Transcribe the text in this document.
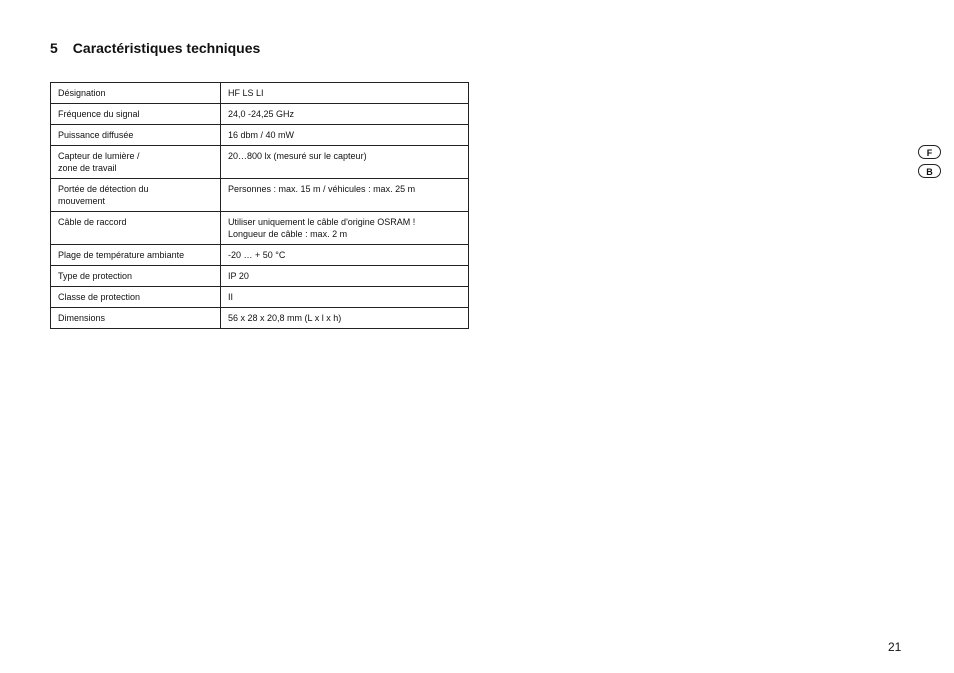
5 Caractéristiques techniques
Désignation	HF LS LI
Fréquence du signal	24,0 -24,25 GHz
Puissance diffusée	16 dbm / 40 mW
Capteur de lumière /
zone de travail	20…800 lx (mesuré sur le capteur)
Portée de détection du
mouvement	Personnes : max. 15 m / véhicules : max. 25 m
Câble de raccord	Utiliser uniquement le câble d'origine OSRAM !
Longueur de câble : max. 2 m
Plage de température ambiante	-20 … + 50 °C
Type de protection	IP 20
Classe de protection	II
Dimensions	56 x 28 x 20,8 mm (L x l x h)
F
B
21
